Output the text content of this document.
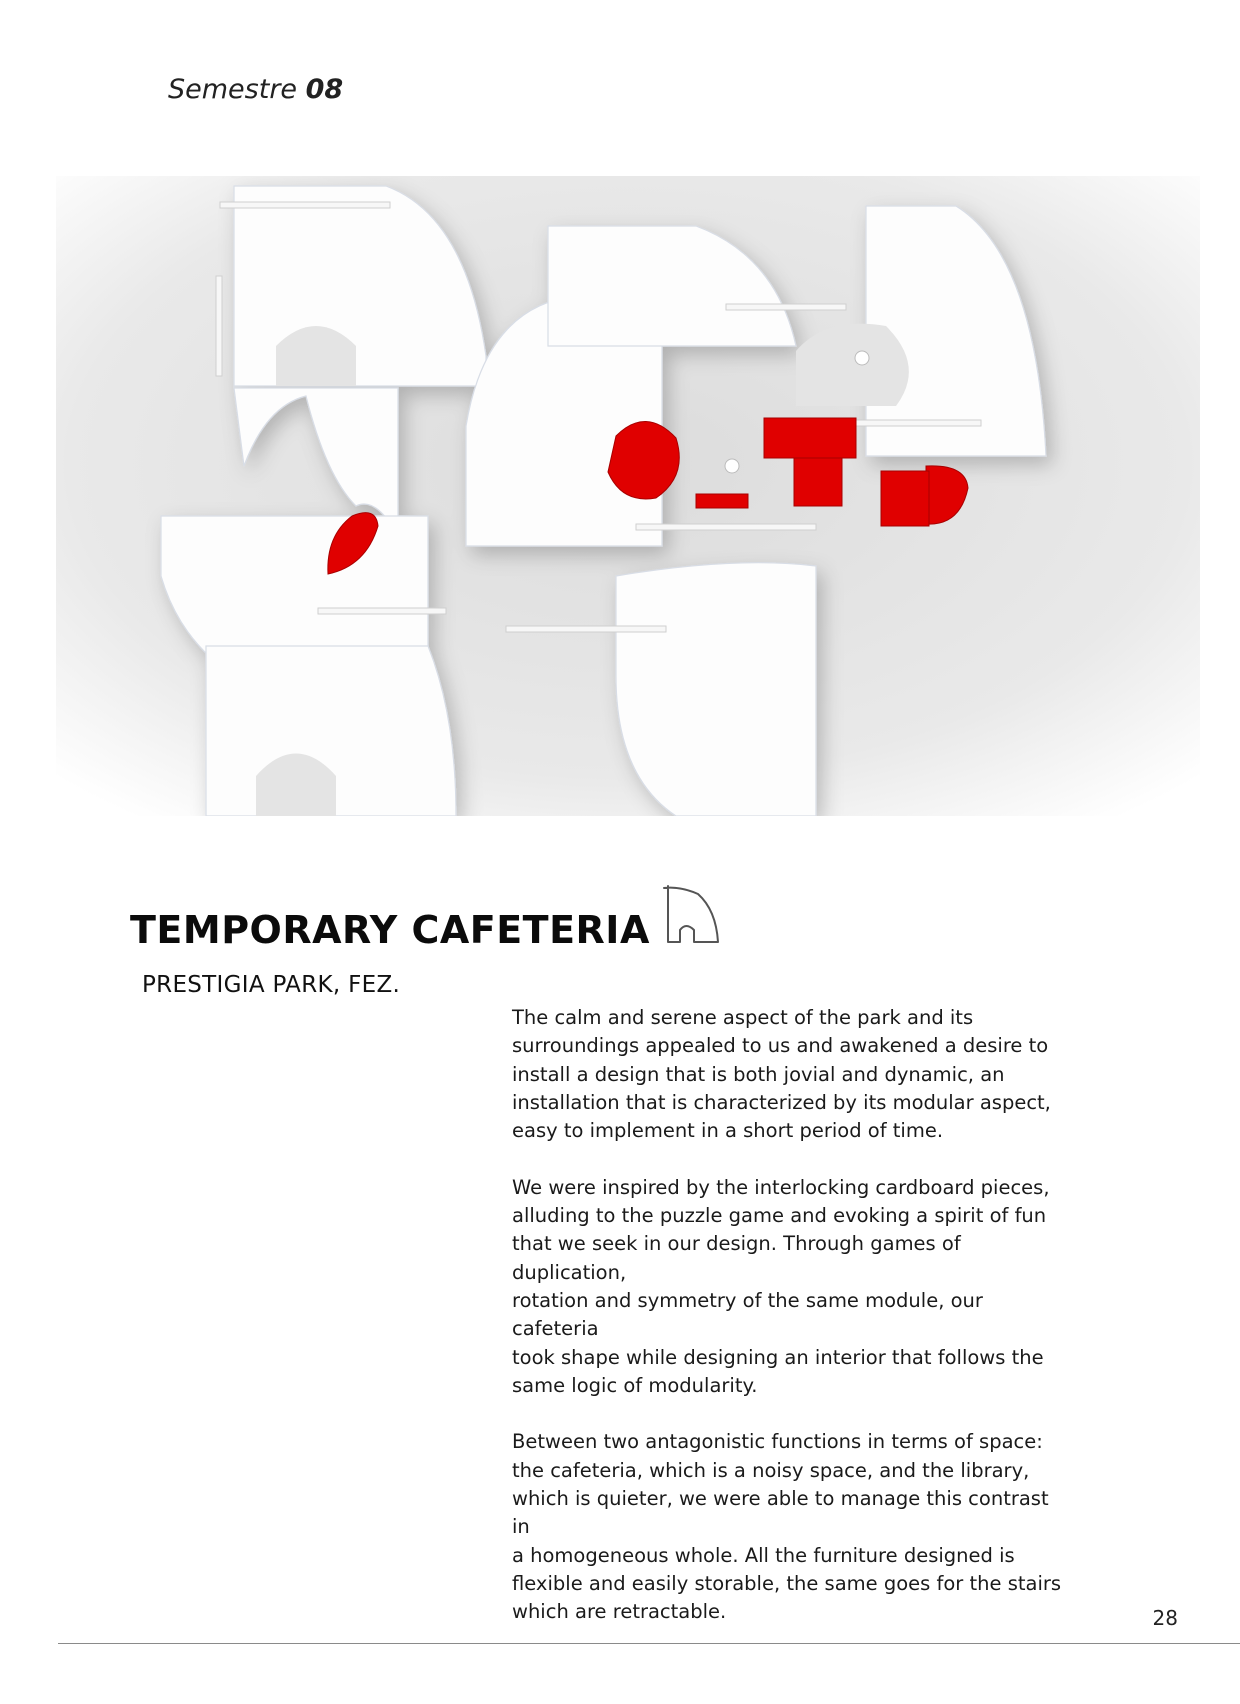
Semestre 08
TEMPORARY CAFETERIA
PRESTIGIA PARK, FEZ.

The calm and serene aspect of the park and its
surroundings appealed to us and awakened a desire to
install a design that is both jovial and dynamic, an
installation that is characterized by its modular aspect,
easy to implement in a short period of time.

We were inspired by the interlocking cardboard pieces,
alluding to the puzzle game and evoking a spirit of fun
that we seek in our design. Through games of duplication,
rotation and symmetry of the same module, our cafeteria
took shape while designing an interior that follows the
same logic of modularity.

Between two antagonistic functions in terms of space:
the cafeteria, which is a noisy space, and the library,
which is quieter, we were able to manage this contrast in
a homogeneous whole. All the furniture designed is
flexible and easily storable, the same goes for the stairs
which are retractable.	28
